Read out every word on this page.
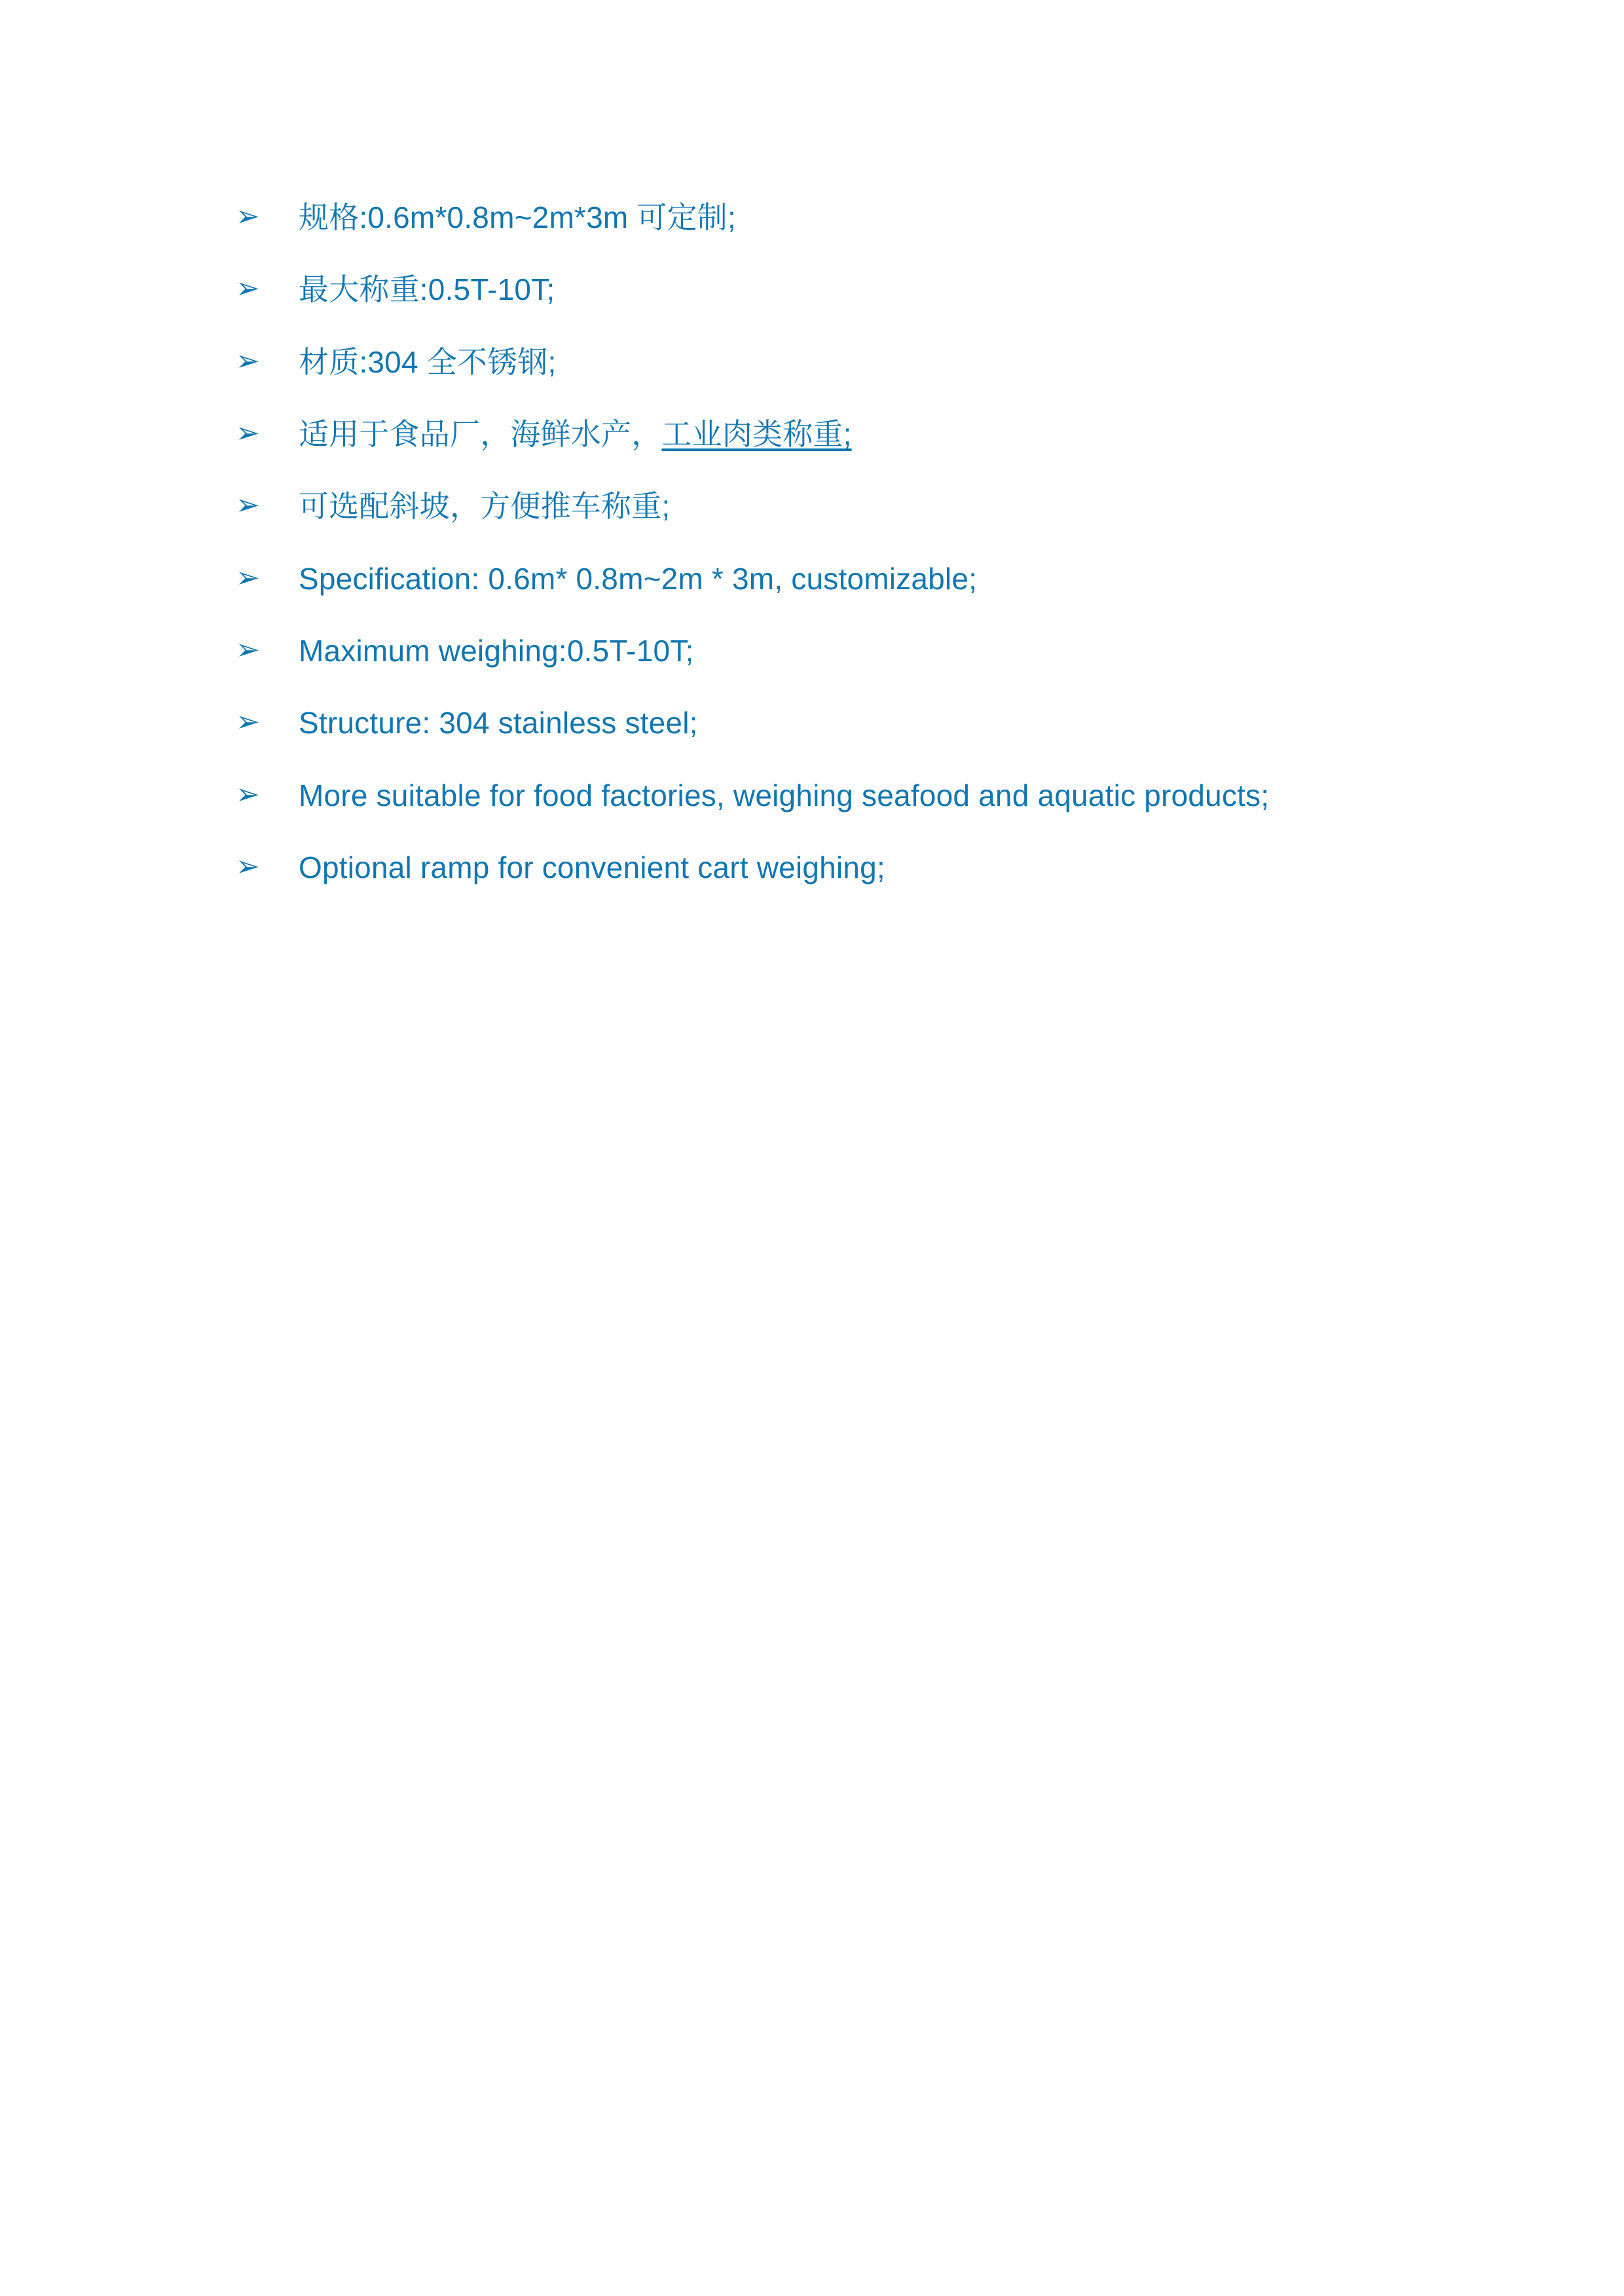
➢	规格:0.6m*0.8m~2m*3m 可定制;
➢	最大称重:0.5T-10T;
➢	材质:304 全不锈钢;
➢	适用于食品厂，海鲜水产，工业肉类称重;
➢	可选配斜坡，方便推车称重;
➢	Specification: 0.6m* 0.8m~2m * 3m, customizable;
➢	Maximum weighing:0.5T-10T;
➢	Structure: 304 stainless steel;
➢	More suitable for food factories, weighing seafood and aquatic products;
➢	Optional ramp for convenient cart weighing;
